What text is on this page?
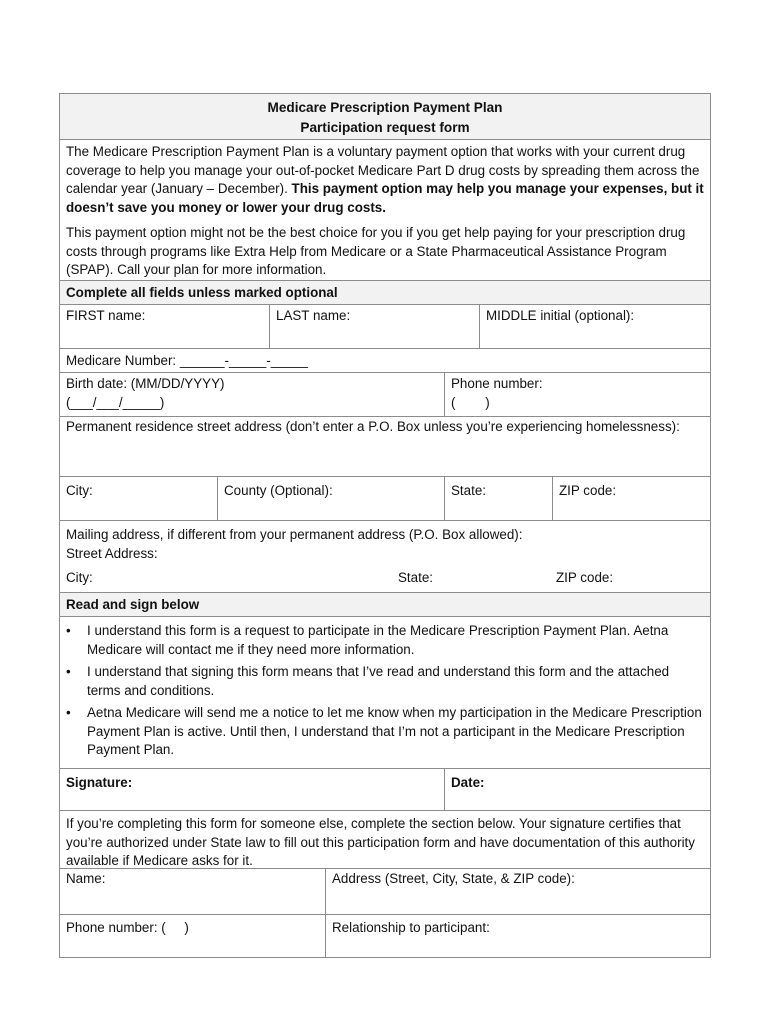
Medicare Prescription Payment Plan
Participation request form

The Medicare Prescription Payment Plan is a voluntary payment option that works with your current drug coverage to help you manage your out-of-pocket Medicare Part D drug costs by spreading them across the calendar year (January – December). This payment option may help you manage your expenses, but it doesn’t save you money or lower your drug costs.

This payment option might not be the best choice for you if you get help paying for your prescription drug costs through programs like Extra Help from Medicare or a State Pharmaceutical Assistance Program (SPAP). Call your plan for more information.

Complete all fields unless marked optional
FIRST name:	LAST name:	MIDDLE initial (optional):
Medicare Number: ______-_____-_____
Birth date: (MM/DD/YYYY)
(___/___/_____)
Phone number:
(        )
Permanent residence street address (don’t enter a P.O. Box unless you’re experiencing homelessness):
City:	County (Optional):	State:	ZIP code:
Mailing address, if different from your permanent address (P.O. Box allowed):
Street Address:
City:	State:	ZIP code:
Read and sign below
• I understand this form is a request to participate in the Medicare Prescription Payment Plan. Aetna Medicare will contact me if they need more information.
• I understand that signing this form means that I’ve read and understand this form and the attached terms and conditions.
• Aetna Medicare will send me a notice to let me know when my participation in the Medicare Prescription Payment Plan is active. Until then, I understand that I’m not a participant in the Medicare Prescription Payment Plan.
Signature:	Date:
If you’re completing this form for someone else, complete the section below. Your signature certifies that you’re authorized under State law to fill out this participation form and have documentation of this authority available if Medicare asks for it.
Name:	Address (Street, City, State, & ZIP code):
Phone number: (     )	Relationship to participant:
